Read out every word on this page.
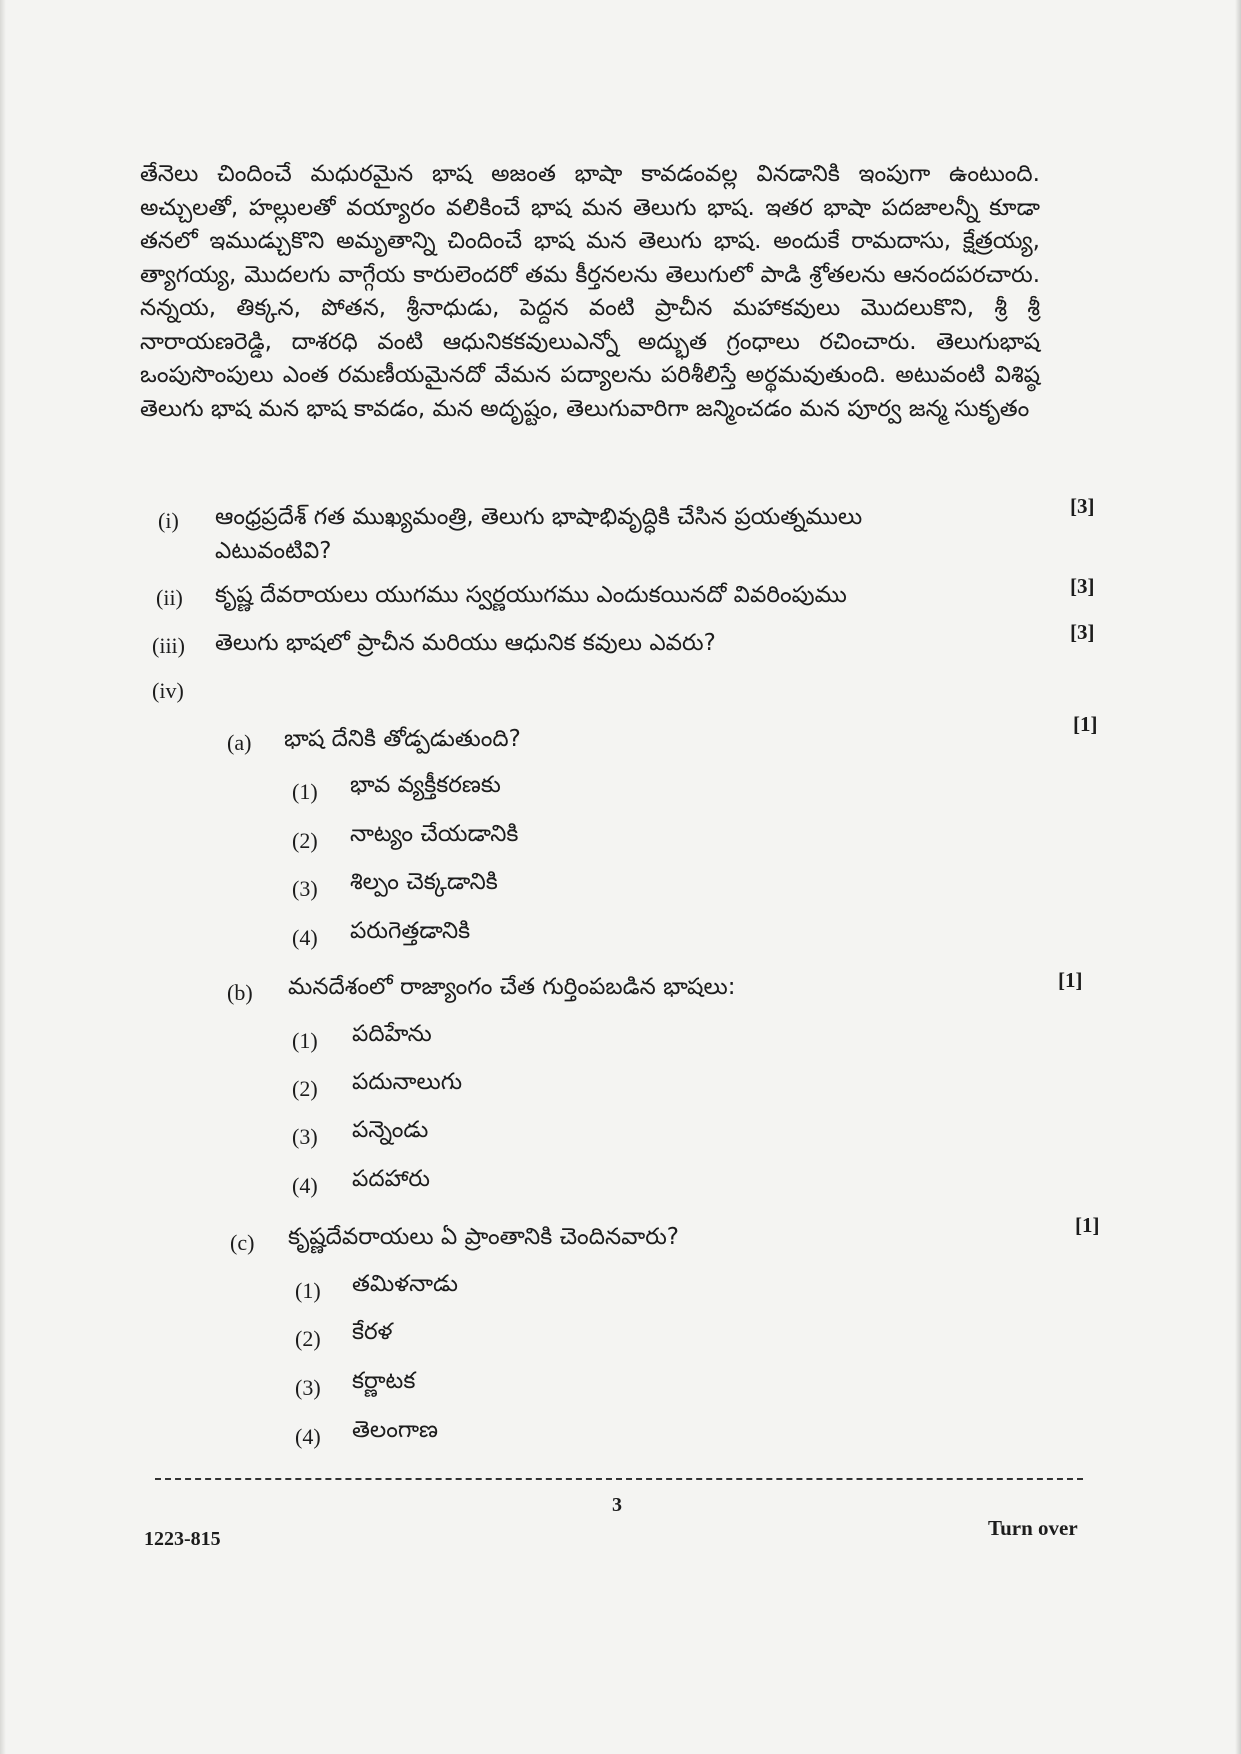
తేనెలు చిందించే మధురమైన భాష అజంత భాషా కావడంవల్ల వినడానికి ఇంపుగా ఉంటుంది. అచ్చులతో, హల్లులతో వయ్యారం వలికించే భాష మన తెలుగు భాష. ఇతర భాషా పదజాలన్నీ కూడా తనలో ఇముడ్చుకొని అమృతాన్ని చిందించే భాష మన తెలుగు భాష. అందుకే రామదాసు, క్షేత్రయ్య, త్యాగయ్య, మొదలగు వాగ్గేయ కారులెందరో తమ కీర్తనలను తెలుగులో పాడి శ్రోతలను ఆనందపరచారు. నన్నయ, తిక్కన, పోతన, శ్రీనాధుడు, పెద్దన వంటి ప్రాచీన మహాకవులు మొదలుకొని, శ్రీ శ్రీ నారాయణరెడ్డి, దాశరధి వంటి ఆధునికకవులుఎన్నో అద్భుత గ్రంధాలు రచించారు. తెలుగుభాష ఒంపుసొంపులు ఎంత రమణీయమైనదో వేమన పద్యాలను పరిశీలిస్తే అర్థమవుతుంది. అటువంటి విశిష్ఠ తెలుగు భాష మన భాష కావడం, మన అదృష్టం, తెలుగువారిగా జన్మించడం మన పూర్వ జన్మ సుకృతం

(i) ఆంధ్రప్రదేశ్ గత ముఖ్యమంత్రి, తెలుగు భాషాభివృద్ధికి చేసిన ప్రయత్నములు ఎటువంటివి?
[3]
(ii) కృష్ణ దేవరాయలు యుగము స్వర్ణయుగము ఎందుకయినదో వివరింపుము	[3]
(iii) తెలుగు భాషలో ప్రాచీన మరియు ఆధునిక కవులు ఎవరు?	[3]
(iv)
(a) భాష దేనికి తోడ్పడుతుంది?
[1]
(1) భావ వ్యక్తీకరణకు
(2) నాట్యం చేయడానికి
(3) శిల్పం చెక్కడానికి
(4) పరుగెత్తడానికి
(b) మనదేశంలో రాజ్యాంగం చేత గుర్తింపబడిన భాషలు:	[1]
(1) పదిహేను
(2) పదునాలుగు
(3) పన్నెండు
(4) పదహారు
(c) కృష్ణదేవరాయలు ఏ ప్రాంతానికి చెందినవారు?	[1]
(1) తమిళనాడు
(2) కేరళ
(3) కర్ణాటక
(4) తెలంగాణ
3
1223-815	Turn over
